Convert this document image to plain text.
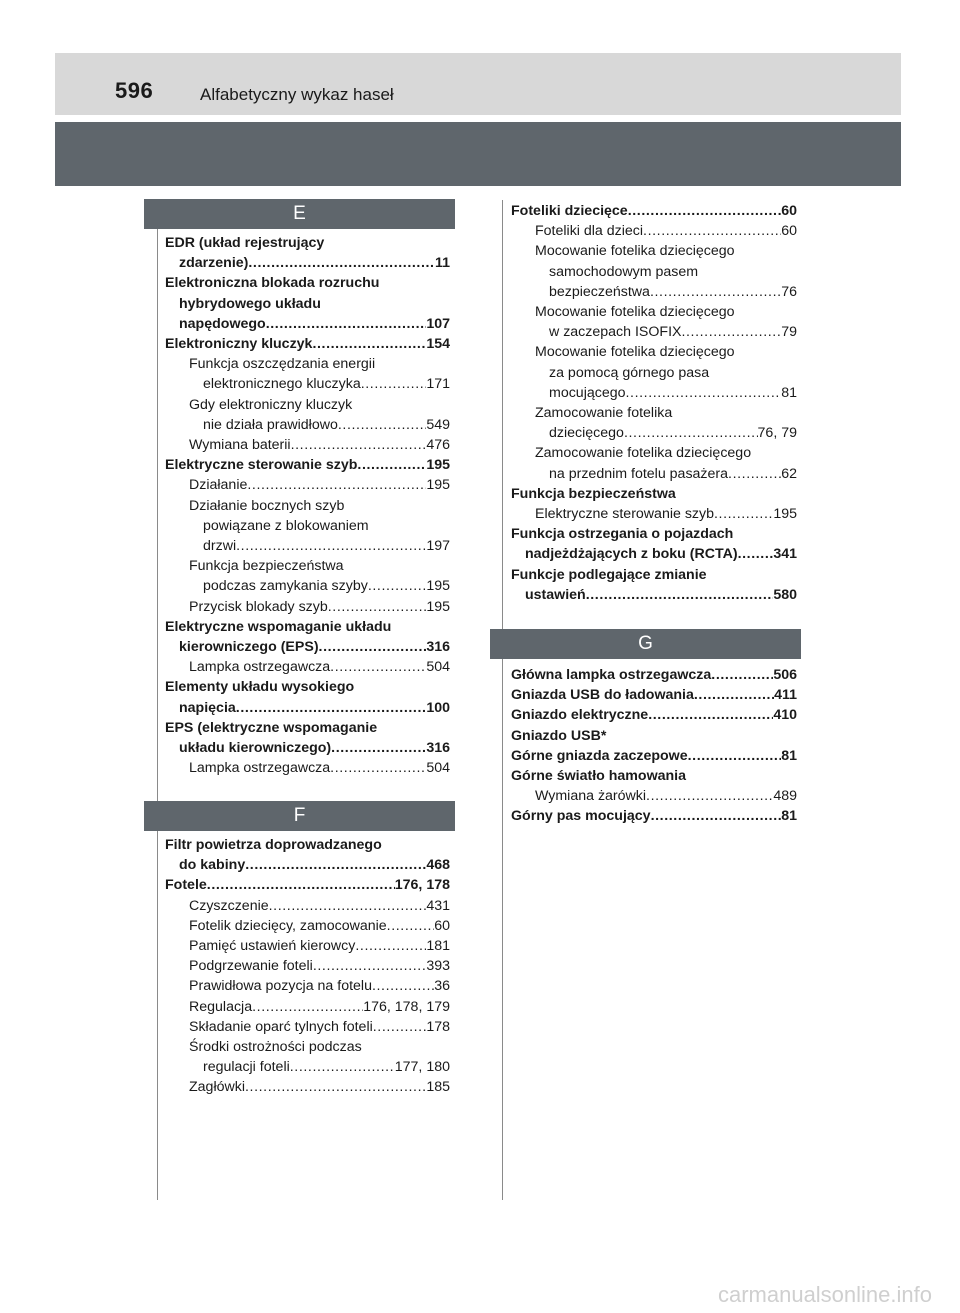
596	Alfabetyczny wykaz haseł
E
F
G
EDR (układ rejestrujący
zdarzenie) .....	11
Elektroniczna blokada rozruchu
hybrydowego układu
napędowego .....	107
Elektroniczny kluczyk .....	154
Funkcja oszczędzania energii
elektronicznego kluczyka .....	171
Gdy elektroniczny kluczyk
nie działa prawidłowo .....	549
Wymiana baterii .....	476
Elektryczne sterowanie szyb .....	195
Działanie .....	195
Działanie bocznych szyb
powiązane z blokowaniem
drzwi .....	197
Funkcja bezpieczeństwa
podczas zamykania szyby .....	195
Przycisk blokady szyb .....	195
Elektryczne wspomaganie układu
kierowniczego (EPS) .....	316
Lampka ostrzegawcza .....	504
Elementy układu wysokiego
napięcia .....	100
EPS (elektryczne wspomaganie
układu kierowniczego) .....	316
Lampka ostrzegawcza .....	504
Filtr powietrza doprowadzanego
do kabiny .....	468
Fotele .....	176, 178
Czyszczenie .....	431
Fotelik dziecięcy, zamocowanie .....	60
Pamięć ustawień kierowcy .....	181
Podgrzewanie foteli .....	393
Prawidłowa pozycja na fotelu .....	36
Regulacja .....	176, 178, 179
Składanie oparć tylnych foteli .....	178
Środki ostrożności podczas
regulacji foteli .....	177, 180
Zagłówki .....	185
Foteliki dziecięce .....	60
Foteliki dla dzieci .....	60
Mocowanie fotelika dziecięcego
samochodowym pasem
bezpieczeństwa .....	76
Mocowanie fotelika dziecięcego
w zaczepach ISOFIX .....	79
Mocowanie fotelika dziecięcego
za pomocą górnego pasa
mocującego .....	81
Zamocowanie fotelika
dziecięcego .....	76, 79
Zamocowanie fotelika dziecięcego
na przednim fotelu pasażera .....	62
Funkcja bezpieczeństwa
Elektryczne sterowanie szyb .....	195
Funkcja ostrzegania o pojazdach
nadjeżdżających z boku (RCTA) .....	341
Funkcje podlegające zmianie
ustawień .....	580
Główna lampka ostrzegawcza .....	506
Gniazda USB do ładowania .....	411
Gniazdo elektryczne .....	410
Gniazdo USB*
Górne gniazda zaczepowe .....	81
Górne światło hamowania
Wymiana żarówki .....	489
Górny pas mocujący .....	81
carmanualsonline.info
